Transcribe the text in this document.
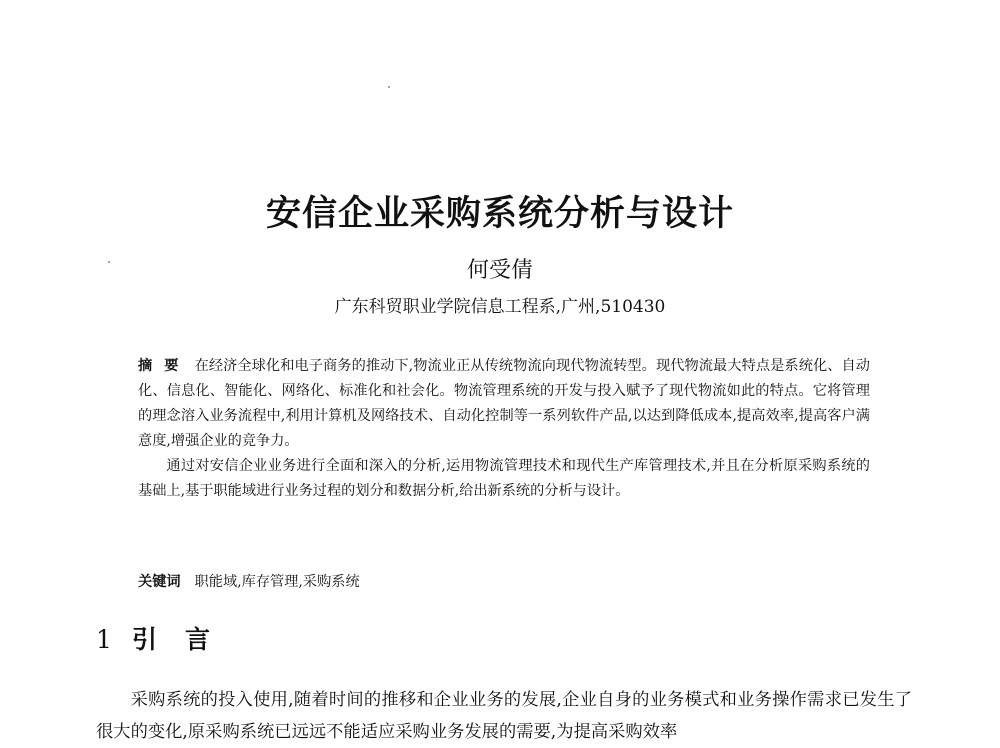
安信企业采购系统分析与设计
何受倩
广东科贸职业学院信息工程系,广州,510430

摘要 在经济全球化和电子商务的推动下,物流业正从传统物流向现代物流转型。现代物流最大特点是系统化、自动化、信息化、智能化、网络化、标准化和社会化。物流管理系统的开发与投入赋予了现代物流如此的特点。它将管理的理念溶入业务流程中,利用计算机及网络技术、自动化控制等一系列软件产品,以达到降低成本,提高效率,提高客户满意度,增强企业的竞争力。

通过对安信企业业务进行全面和深入的分析,运用物流管理技术和现代生产库管理技术,并且在分析原采购系统的基础上,基于职能域进行业务过程的划分和数据分析,给出新系统的分析与设计。

关键词 职能域,库存管理,采购系统
1 引言

采购系统的投入使用,随着时间的推移和企业业务的发展,企业自身的业务模式和业务操作需求已发生了很大的变化,原采购系统已远远不能适应采购业务发展的需要,为提高采购效率
